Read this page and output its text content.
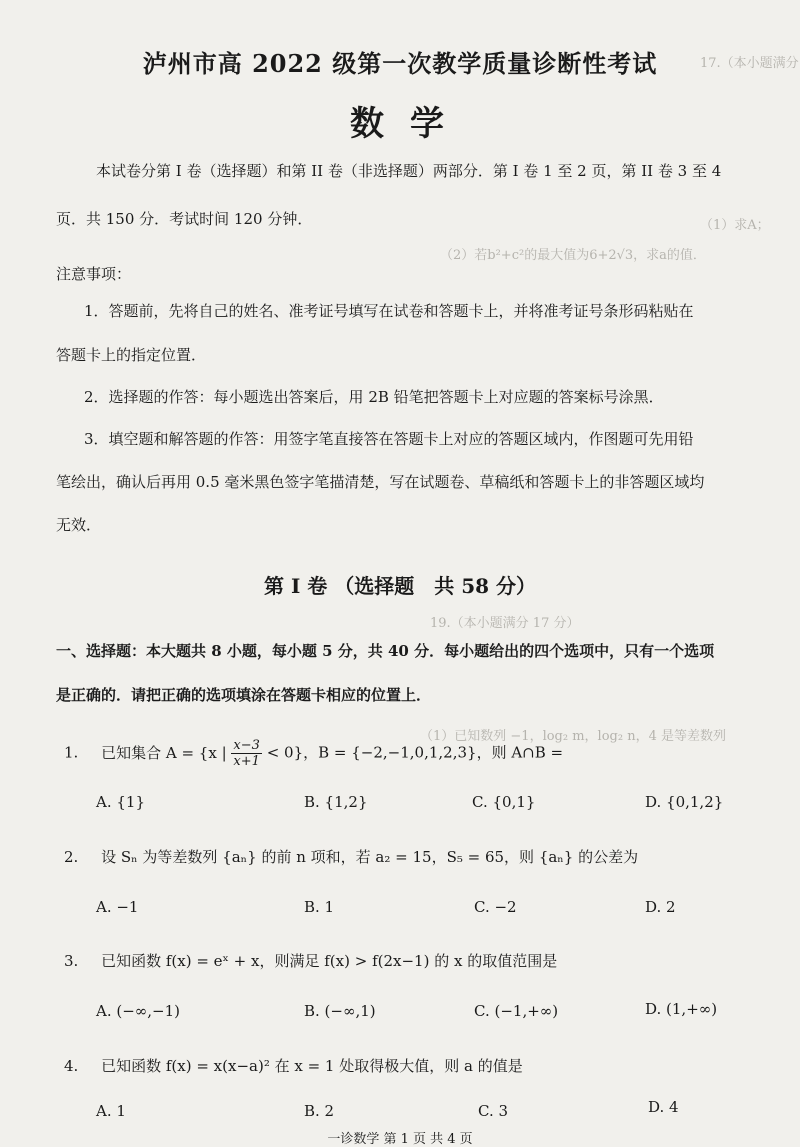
17.（本小题满分
（1）求A；
（2）若b²+c²的最大值为6+2√3，求a的值．
19.（本小题满分 17 分）
（1）已知数列 −1，log₂ m，log₂ n，4 是等差数列
泸州市高 2022 级第一次教学质量诊断性考试
数学
本试卷分第 I 卷（选择题）和第 II 卷（非选择题）两部分．第 I 卷 1 至 2 页，第 II 卷 3 至 4
页．共 150 分．考试时间 120 分钟．
注意事项：
1．答题前，先将自己的姓名、准考证号填写在试卷和答题卡上，并将准考证号条形码粘贴在
答题卡上的指定位置．
2．选择题的作答：每小题选出答案后，用 2B 铅笔把答题卡上对应题的答案标号涂黑．
3．填空题和解答题的作答：用签字笔直接答在答题卡上对应的答题区域内，作图题可先用铅
笔绘出，确认后再用 0.5 毫米黑色签字笔描清楚，写在试题卷、草稿纸和答题卡上的非答题区域均
无效．
第 I 卷 （选择题　共 58 分）
一、选择题：本大题共 8 小题，每小题 5 分，共 40 分．每小题给出的四个选项中，只有一个选项
是正确的．请把正确的选项填涂在答题卡相应的位置上．
1. 已知集合 A = {x | $\frac{x-3}{x+1} < 0$}，B = {−2,−1,0,1,2,3}，则 A∩B =
A. {1}	B. {1,2}	C. {0,1}	D. {0,1,2}
2. 设 Sₙ 为等差数列 {aₙ} 的前 n 项和，若 a₂ = 15，S₅ = 65，则 {aₙ} 的公差为
A. −1	B. 1	C. −2	D. 2
3. 已知函数 f(x) = eˣ + x，则满足 f(x) > f(2x−1) 的 x 的取值范围是
A. (−∞,−1)	B. (−∞,1)	C. (−1,+∞)	D. (1,+∞)
4. 已知函数 f(x) = x(x−a)² 在 x = 1 处取得极大值，则 a 的值是
A. 1	B. 2	C. 3	D. 4
一诊数学 第 1 页 共 4 页
